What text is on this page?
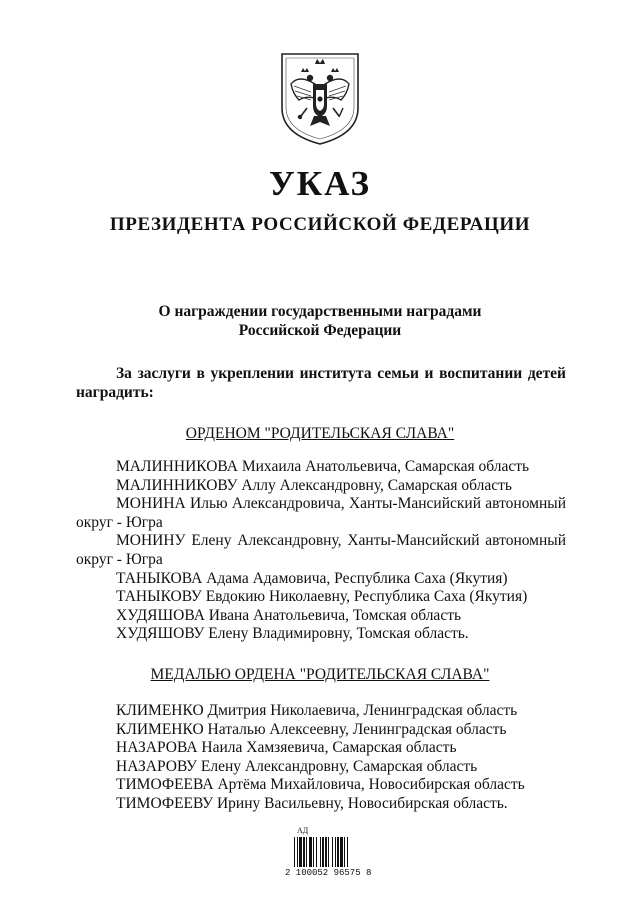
УКАЗ
ПРЕЗИДЕНТА РОССИЙСКОЙ ФЕДЕРАЦИИ
О награждении государственными наградами
Российской Федерации
За заслуги в укреплении института семьи и воспитании детей наградить:
ОРДЕНОМ "РОДИТЕЛЬСКАЯ СЛАВА"
МАЛИННИКОВА Михаила Анатольевича, Самарская область
МАЛИННИКОВУ Аллу Александровну, Самарская область
МОНИНА Илью Александровича, Ханты-Мансийский автономный округ - Югра
МОНИНУ Елену Александровну, Ханты-Мансийский автономный округ - Югра
ТАНЫКОВА Адама Адамовича, Республика Саха (Якутия)
ТАНЫКОВУ Евдокию Николаевну, Республика Саха (Якутия)
ХУДЯШОВА Ивана Анатольевича, Томская область
ХУДЯШОВУ Елену Владимировну, Томская область.
МЕДАЛЬЮ ОРДЕНА "РОДИТЕЛЬСКАЯ СЛАВА"
КЛИМЕНКО Дмитрия Николаевича, Ленинградская область
КЛИМЕНКО Наталью Алексеевну, Ленинградская область
НАЗАРОВА Наила Хамзяевича, Самарская область
НАЗАРОВУ Елену Александровну, Самарская область
ТИМОФЕЕВА Артёма Михайловича, Новосибирская область
ТИМОФЕЕВУ Ирину Васильевну, Новосибирская область.
АД
2 100052 96575 8
